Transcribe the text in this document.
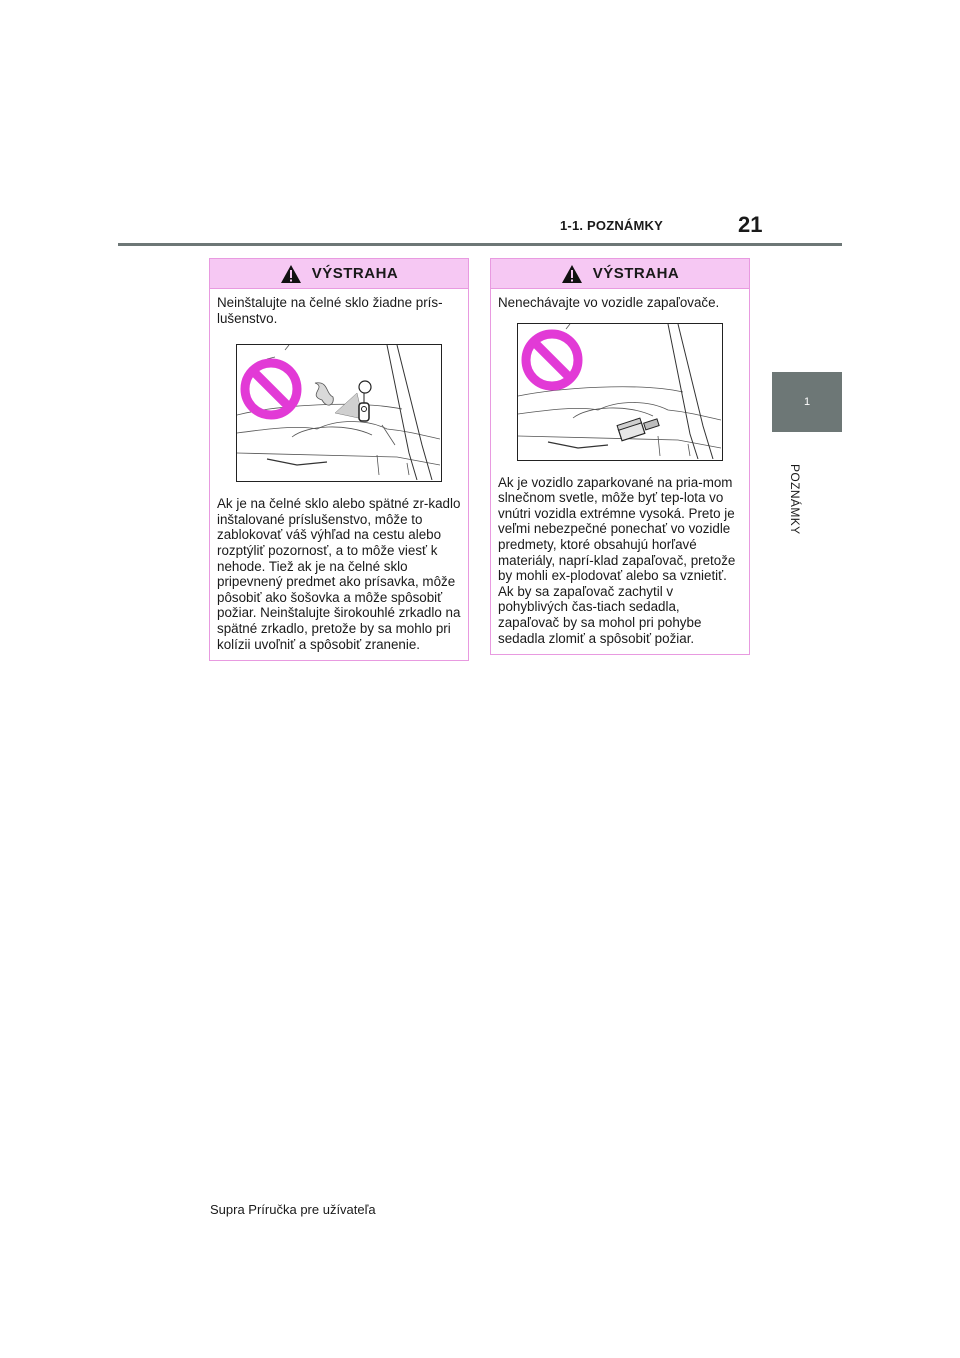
1-1. POZNÁMKY	21
1
POZNÁMKY
VÝSTRAHA

Neinštalujte na čelné sklo žiadne prís-lušenstvo.

Ak je na čelné sklo alebo spätné zr-kadlo inštalované príslušenstvo, môže to zablokovať váš výhľad na cestu alebo rozptýliť pozornosť, a to môže viesť k nehode. Tiež ak je na čelné sklo pripevnený predmet ako prísavka, môže pôsobiť ako šošovka a môže spôsobiť požiar. Neinštalujte širokouhlé zrkadlo na spätné zrkadlo, pretože by sa mohlo pri kolízii uvoľniť a spôsobiť zranenie.

VÝSTRAHA

Nenechávajte vo vozidle zapaľovače.

Ak je vozidlo zaparkované na pria-mom slnečnom svetle, môže byť tep-lota vo vnútri vozidla extrémne vysoká. Preto je veľmi nebezpečné ponechať vo vozidle predmety, ktoré obsahujú horľavé materiály, naprí-klad zapaľovač, pretože by mohli ex-plodovať alebo sa vznietiť. Ak by sa zapaľovač zachytil v pohyblivých čas-tiach sedadla, zapaľovač by sa mohol pri pohybe sedadla zlomiť a spôsobiť požiar.

Supra Príručka pre užívateľa
